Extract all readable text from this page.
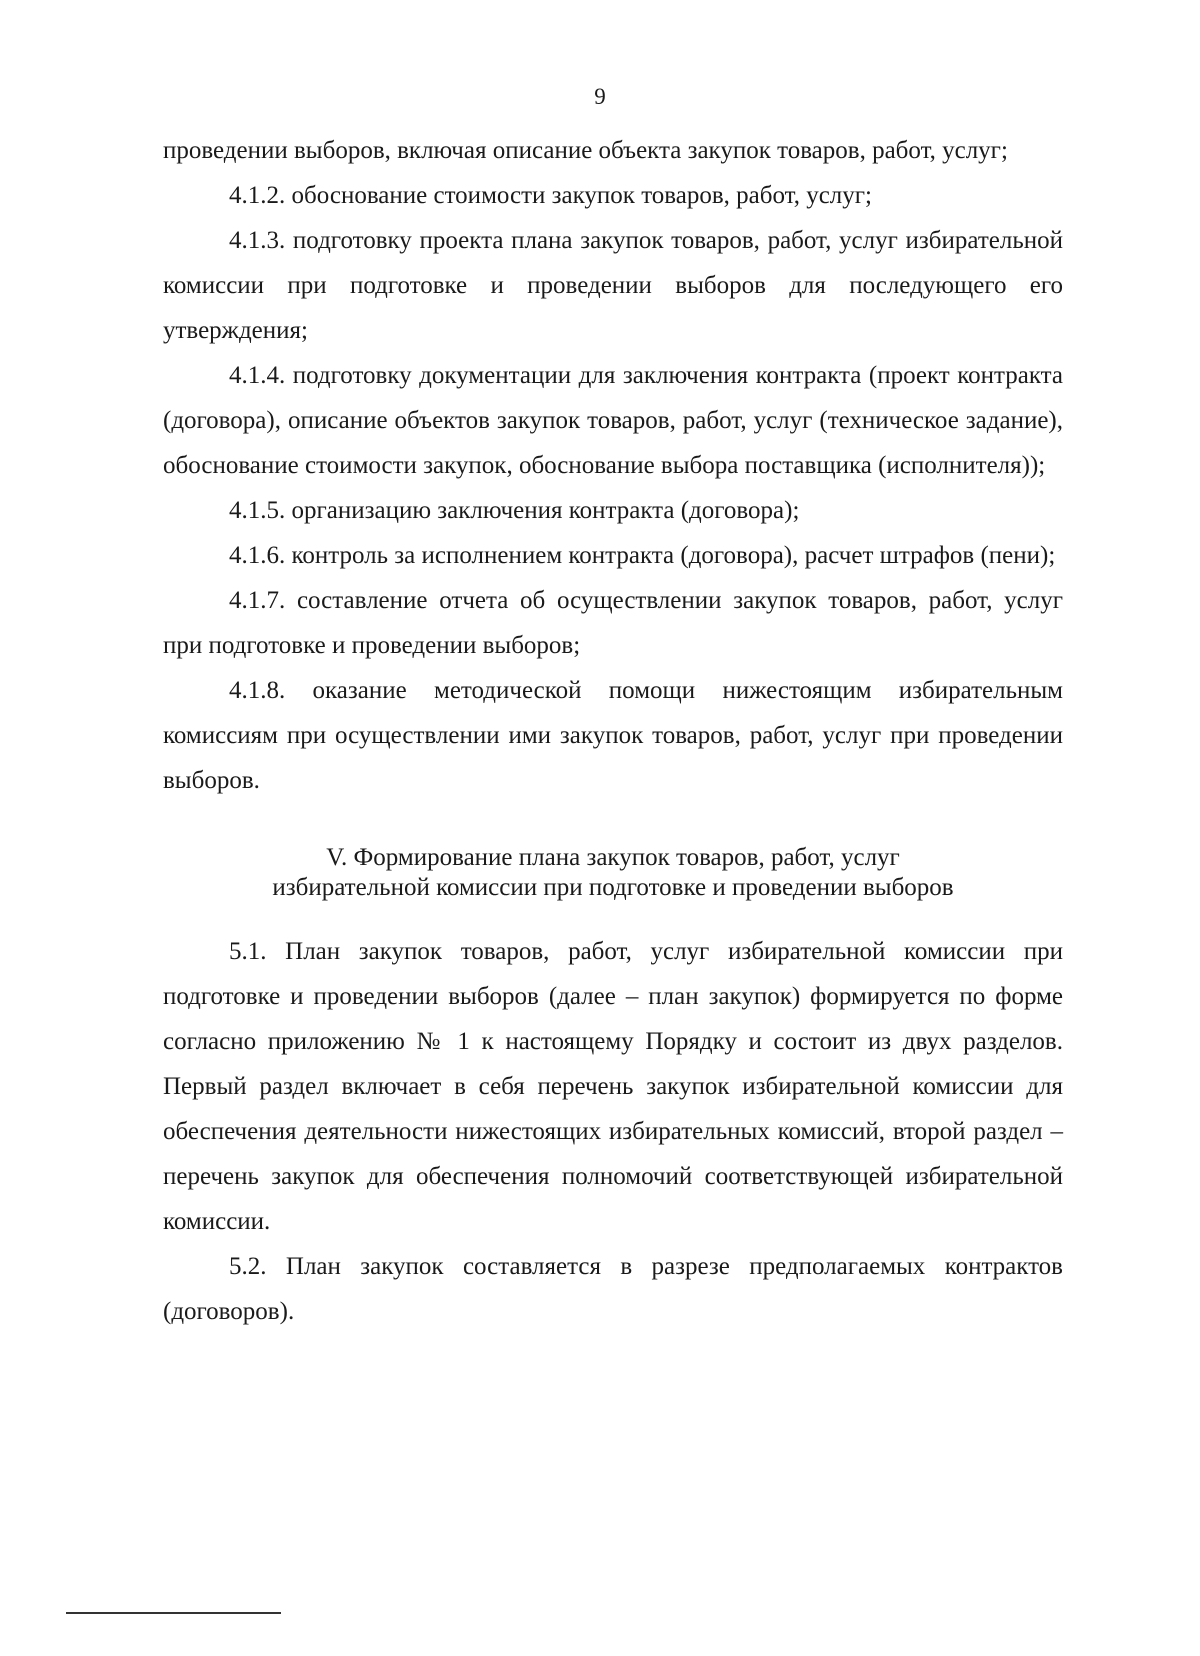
9

проведении выборов, включая описание объекта закупок товаров, работ, услуг;

4.1.2. обоснование стоимости закупок товаров, работ, услуг;

4.1.3. подготовку проекта плана закупок товаров, работ, услуг избирательной комиссии при подготовке и проведении выборов для последующего его утверждения;

4.1.4. подготовку документации для заключения контракта (проект контракта (договора), описание объектов закупок товаров, работ, услуг (техническое задание), обоснование стоимости закупок, обоснование выбора поставщика (исполнителя));

4.1.5. организацию заключения контракта (договора);

4.1.6. контроль за исполнением контракта (договора), расчет штрафов (пени);

4.1.7. составление отчета об осуществлении закупок товаров, работ, услуг при подготовке и проведении выборов;

4.1.8. оказание методической помощи нижестоящим избирательным комиссиям при осуществлении ими закупок товаров, работ, услуг при проведении выборов.

V. Формирование плана закупок товаров, работ, услуг
избирательной комиссии при подготовке и проведении выборов

5.1. План закупок товаров, работ, услуг избирательной комиссии при подготовке и проведении выборов (далее – план закупок) формируется по форме согласно приложению № 1 к настоящему Порядку и состоит из двух разделов. Первый раздел включает в себя перечень закупок избирательной комиссии для обеспечения деятельности нижестоящих избирательных комиссий, второй раздел – перечень закупок для обеспечения полномочий соответствующей избирательной комиссии.

5.2. План закупок составляется в разрезе предполагаемых контрактов (договоров).
